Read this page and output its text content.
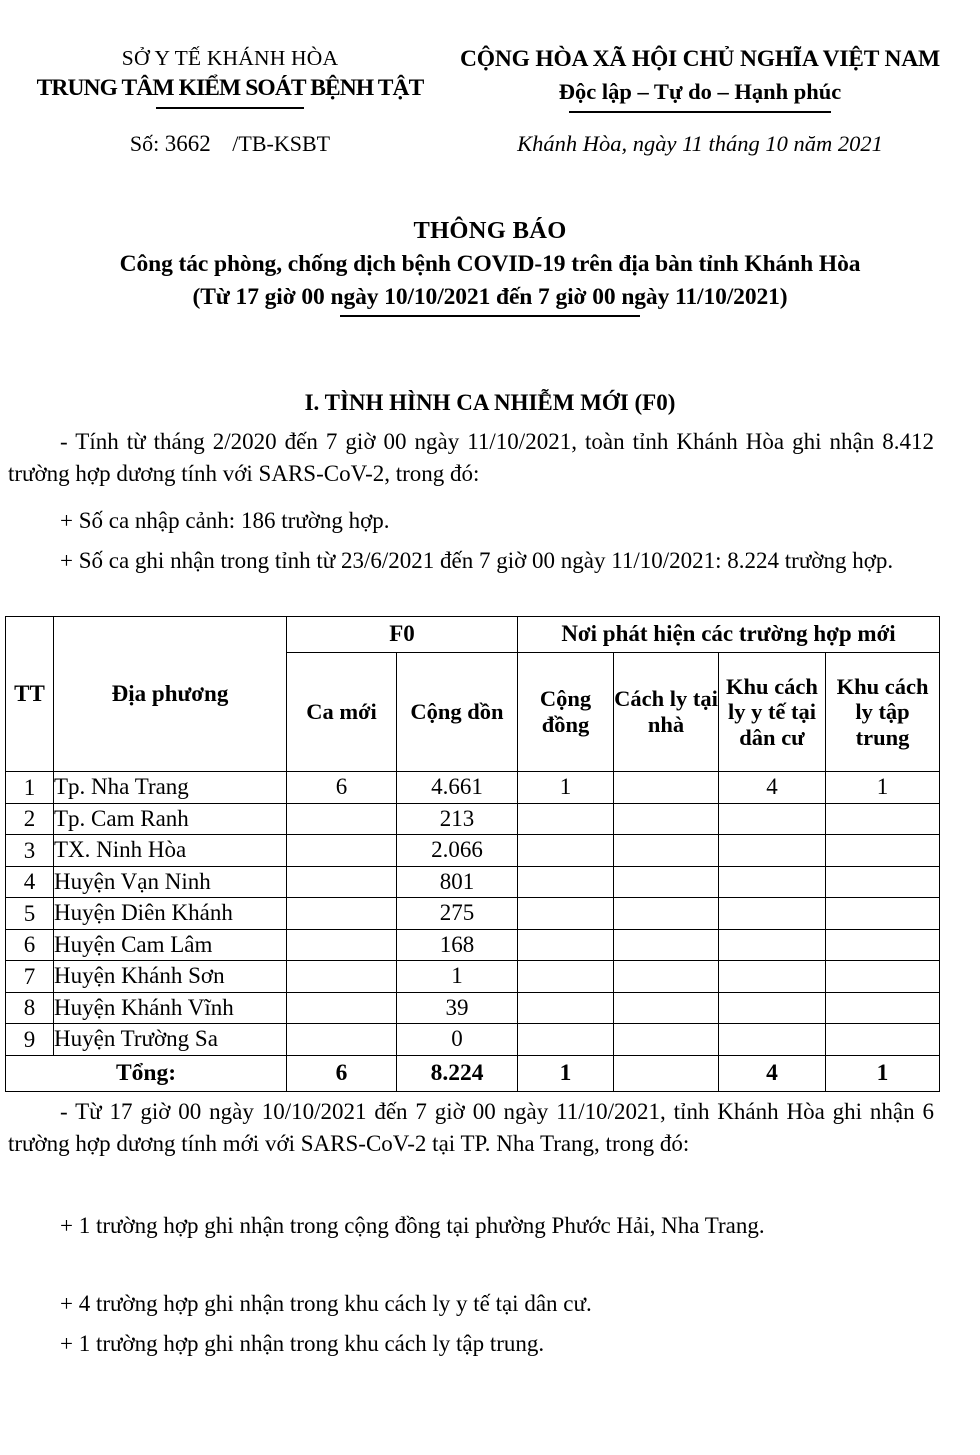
SỞ Y TẾ KHÁNH HÒA
TRUNG TÂM KIỂM SOÁT BỆNH TẬT
CỘNG HÒA XÃ HỘI CHỦ NGHĨA VIỆT NAM
Độc lập – Tự do – Hạnh phúc
Số: 3662 /TB-KSBT	Khánh Hòa, ngày 11 tháng 10 năm 2021
THÔNG BÁO
Công tác phòng, chống dịch bệnh COVID-19 trên địa bàn tỉnh Khánh Hòa
(Từ 17 giờ 00 ngày 10/10/2021 đến 7 giờ 00 ngày 11/10/2021)
I. TÌNH HÌNH CA NHIỄM MỚI (F0)
- Tính từ tháng 2/2020 đến 7 giờ 00 ngày 11/10/2021, toàn tỉnh Khánh Hòa ghi nhận 8.412 trường hợp dương tính với SARS-CoV-2, trong đó:
+ Số ca nhập cảnh: 186 trường hợp.
+ Số ca ghi nhận trong tỉnh từ 23/6/2021 đến 7 giờ 00 ngày 11/10/2021: 8.224 trường hợp.
TT	Địa phương	F0		Nơi phát hiện các trường hợp mới			
		Ca mới	Cộng dồn	Cộng đồng	Cách ly tại nhà	Khu cách ly y tế tại dân cư	Khu cách ly tập trung
1	Tp. Nha Trang	6	4.661	1		4	1
2	Tp. Cam Ranh		213				
3	TX. Ninh Hòa		2.066				
4	Huyện Vạn Ninh		801				
5	Huyện Diên Khánh		275				
6	Huyện Cam Lâm		168				
7	Huyện Khánh Sơn		1				
8	Huyện Khánh Vĩnh		39				
9	Huyện Trường Sa		0				
Tổng:		6	8.224	1		4	1
- Từ 17 giờ 00 ngày 10/10/2021 đến 7 giờ 00 ngày 11/10/2021, tỉnh Khánh Hòa ghi nhận 6 trường hợp dương tính mới với SARS-CoV-2 tại TP. Nha Trang, trong đó:
+ 1 trường hợp ghi nhận trong cộng đồng tại phường Phước Hải, Nha Trang.
+ 4 trường hợp ghi nhận trong khu cách ly y tế tại dân cư.
+ 1 trường hợp ghi nhận trong khu cách ly tập trung.
